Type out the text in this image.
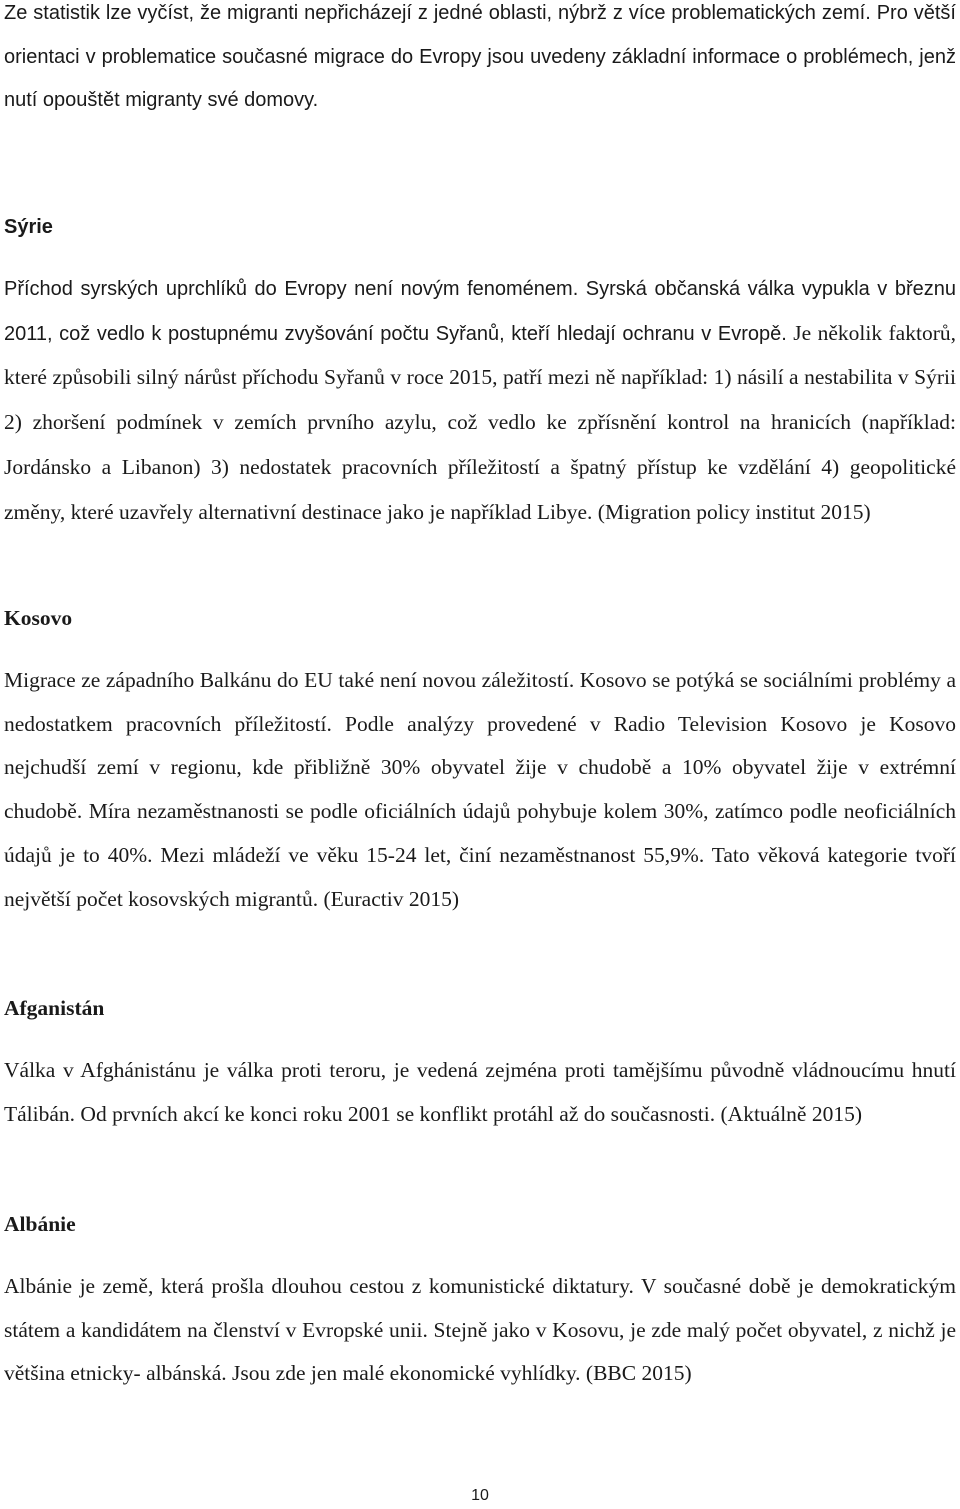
Ze statistik lze vyčíst, že migranti nepřicházejí z jedné oblasti, nýbrž z více problematických zemí. Pro větší orientaci v problematice současné migrace do Evropy jsou uvedeny základní informace o problémech, jenž nutí opouštět migranty své domovy.

Sýrie

Příchod syrských uprchlíků do Evropy není novým fenoménem. Syrská občanská válka vypukla v březnu 2011, což vedlo k postupnému zvyšování počtu Syřanů, kteří hledají ochranu v Evropě. Je několik faktorů, které způsobili silný nárůst příchodu Syřanů v roce 2015, patří mezi ně například: 1) násilí a nestabilita v Sýrii 2) zhoršení podmínek v zemích prvního azylu, což vedlo ke zpřísnění kontrol na hranicích (například: Jordánsko a Libanon) 3) nedostatek pracovních příležitostí a špatný přístup ke vzdělání 4) geopolitické změny, které uzavřely alternativní destinace jako je například Libye. (Migration policy institut 2015)

Kosovo

Migrace ze západního Balkánu do EU také není novou záležitostí. Kosovo se potýká se sociálními problémy a nedostatkem pracovních příležitostí. Podle analýzy provedené v Radio Television Kosovo je Kosovo nejchudší zemí v regionu, kde přibližně 30% obyvatel žije v chudobě a 10% obyvatel žije v extrémní chudobě. Míra nezaměstnanosti se podle oficiálních údajů pohybuje kolem 30%, zatímco podle neoficiálních údajů je to 40%. Mezi mládeží ve věku 15-24 let, činí nezaměstnanost 55,9%. Tato věková kategorie tvoří největší počet kosovských migrantů. (Euractiv 2015)

Afganistán

Válka v Afghánistánu je válka proti teroru, je vedená zejména proti tamějšímu původně vládnoucímu hnutí Tálibán. Od prvních akcí ke konci roku 2001 se konflikt protáhl až do současnosti. (Aktuálně 2015)

Albánie

Albánie je země, která prošla dlouhou cestou z komunistické diktatury. V současné době je demokratickým státem a kandidátem na členství v Evropské unii. Stejně jako v Kosovu, je zde malý počet obyvatel, z nichž je většina etnicky- albánská. Jsou zde jen malé ekonomické vyhlídky. (BBC 2015)

10
